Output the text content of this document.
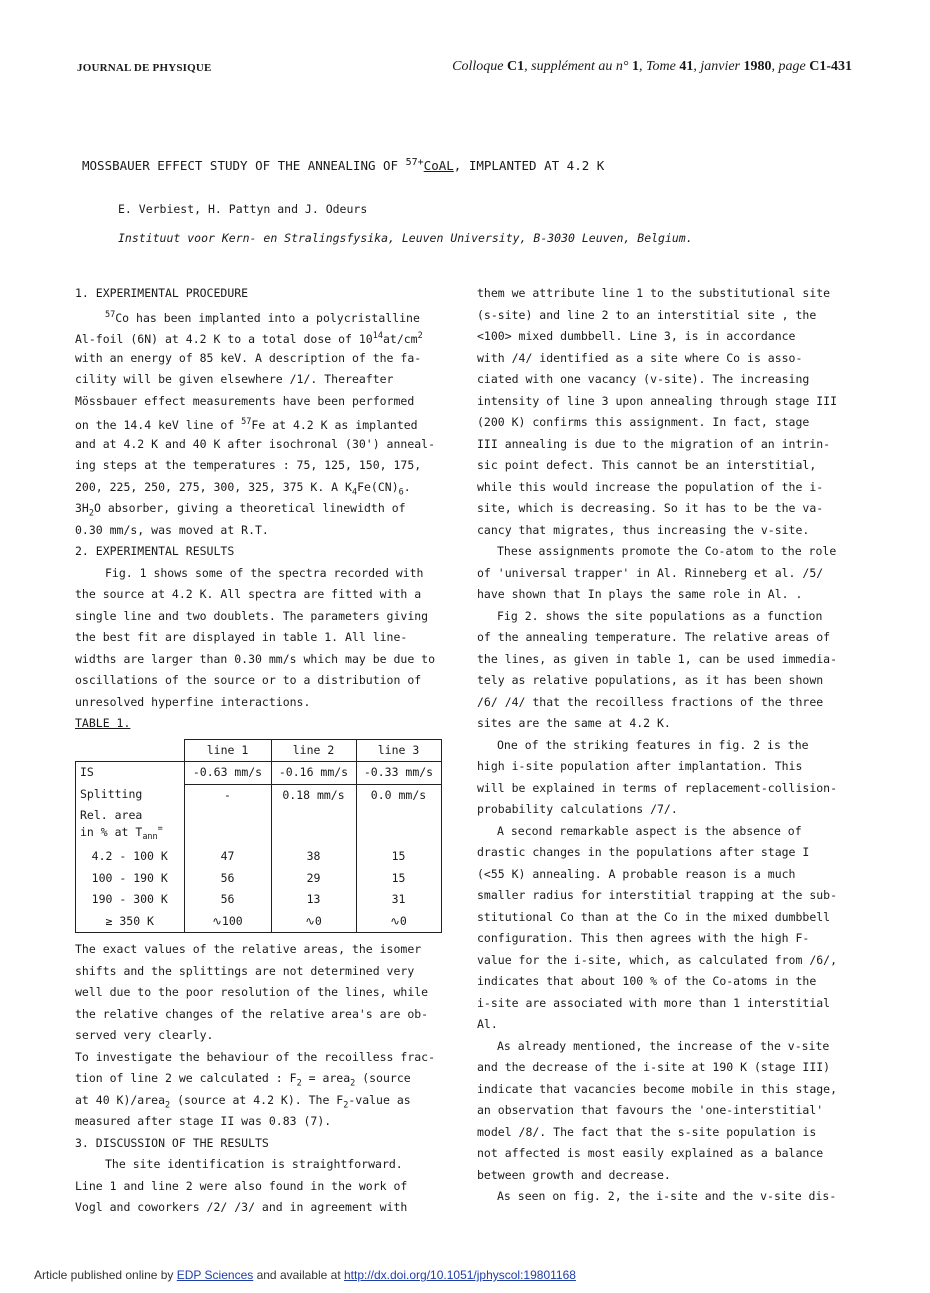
JOURNAL DE PHYSIQUE	Colloque C1, supplément au n° 1, Tome 41, janvier 1980, page C1-431
MOSSBAUER EFFECT STUDY OF THE ANNEALING OF $^{57+}$CoAL, IMPLANTED AT 4.2 K
E. Verbiest, H. Pattyn and J. Odeurs
Instituut voor Kern- en Stralingsfysika, Leuven University, B-3030 Leuven, Belgium.
1. EXPERIMENTAL PROCEDURE
$^{57}$Co has been implanted into a polycristalline
Al-foil (6N) at 4.2 K to a total dose of $10^{14}at/cm^2$
with an energy of 85 keV. A description of the fa-
cility will be given elsewhere /1/. Thereafter
Mössbauer effect measurements have been performed
on the 14.4 keV line of $^{57}$Fe at 4.2 K as implanted
and at 4.2 K and 40 K after isochronal (30') anneal-
ing steps at the temperatures : 75, 125, 150, 175,
200, 225, 250, 275, 300, 325, 375 K. A $K_4Fe(CN)_6$.
$3H_2O$ absorber, giving a theoretical linewidth of
0.30 mm/s, was moved at R.T.
2. EXPERIMENTAL RESULTS
Fig. 1 shows some of the spectra recorded with
the source at 4.2 K. All spectra are fitted with a
single line and two doublets. The parameters giving
the best fit are displayed in table 1. All line-
widths are larger than 0.30 mm/s which may be due to
oscillations of the source or to a distribution of
unresolved hyperfine interactions.
TABLE 1.
	line 1	line 2	line 3
IS	-0.63 mm/s	-0.16 mm/s	-0.33 mm/s
Splitting	-	0.18 mm/s	0.0 mm/s

Rel. area
in % at $T_{ann}^=$

4.2 - 100 K	47	38	15
100 - 190 K	56	29	15
190 - 300 K	56	13	31
≥ 350 K	∿100	∿0	∿0
The exact values of the relative areas, the isomer
shifts and the splittings are not determined very
well due to the poor resolution of the lines, while
the relative changes of the relative area's are ob-
served very clearly.
To investigate the behaviour of the recoilless frac-
tion of line 2 we calculated : $F_2$ = area$_2$ (source
at 40 K)/area$_2$ (source at 4.2 K). The $F_2$-value as
measured after stage II was 0.83 (7).
3. DISCUSSION OF THE RESULTS
The site identification is straightforward.
Line 1 and line 2 were also found in the work of
Vogl and coworkers /2/ /3/ and in agreement with
them we attribute line 1 to the substitutional site
(s-site) and line 2 to an interstitial site , the
<100> mixed dumbbell. Line 3, is in accordance
with /4/ identified as a site where Co is asso-
ciated with one vacancy (v-site). The increasing
intensity of line 3 upon annealing through stage III
(200 K) confirms this assignment. In fact, stage
III annealing is due to the migration of an intrin-
sic point defect. This cannot be an interstitial,
while this would increase the population of the i-
site, which is decreasing. So it has to be the va-
cancy that migrates, thus increasing the v-site.
These assignments promote the Co-atom to the role
of 'universal trapper' in Al. Rinneberg et al. /5/
have shown that In plays the same role in Al. .
Fig 2. shows the site populations as a function
of the annealing temperature. The relative areas of
the lines, as given in table 1, can be used immedia-
tely as relative populations, as it has been shown
/6/ /4/ that the recoilless fractions of the three
sites are the same at 4.2 K.
One of the striking features in fig. 2 is the
high i-site population after implantation. This
will be explained in terms of replacement-collision-
probability calculations /7/.
A second remarkable aspect is the absence of
drastic changes in the populations after stage I
(<55 K) annealing. A probable reason is a much
smaller radius for interstitial trapping at the sub-
stitutional Co than at the Co in the mixed dumbbell
configuration. This then agrees with the high F-
value for the i-site, which, as calculated from /6/,
indicates that about 100 % of the Co-atoms in the
i-site are associated with more than 1 interstitial
Al.
As already mentioned, the increase of the v-site
and the decrease of the i-site at 190 K (stage III)
indicate that vacancies become mobile in this stage,
an observation that favours the 'one-interstitial'
model /8/. The fact that the s-site population is
not affected is most easily explained as a balance
between growth and decrease.
As seen on fig. 2, the i-site and the v-site dis-
Article published online by EDP Sciences and available at http://dx.doi.org/10.1051/jphyscol:19801168
